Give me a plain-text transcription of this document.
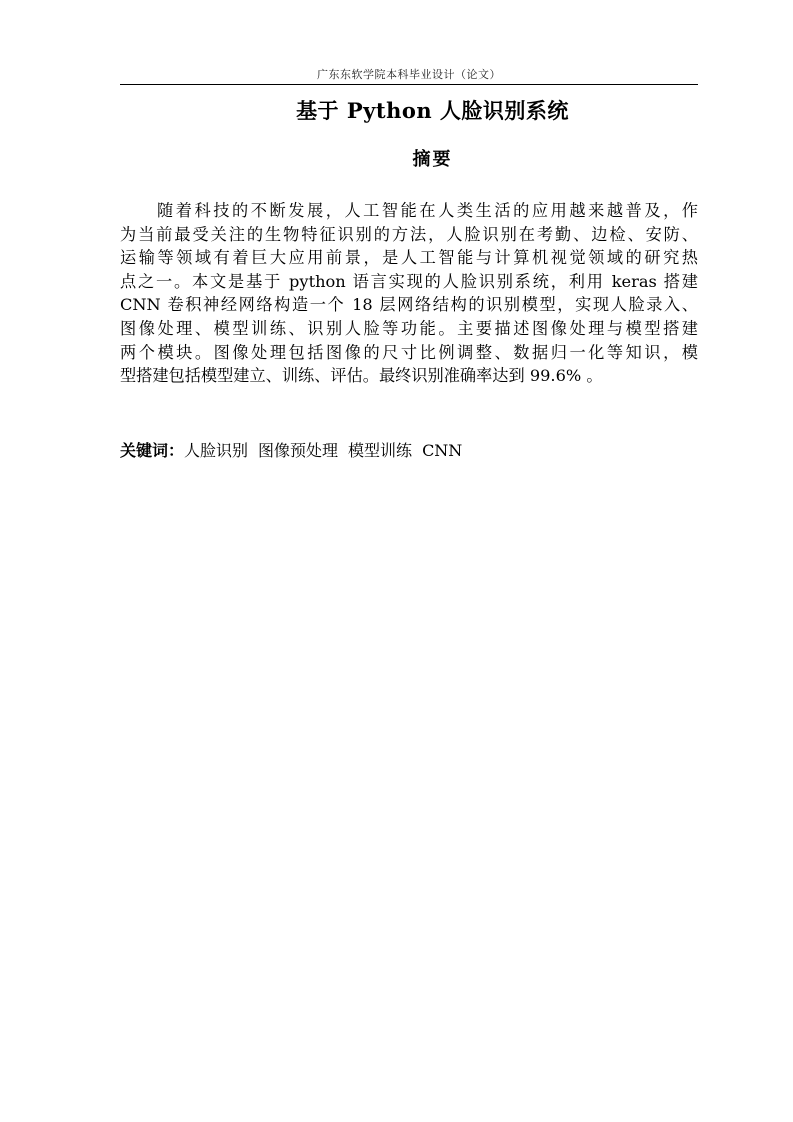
广东东软学院本科毕业设计（论文）
基于 Python 人脸识别系统
摘要
随着科技的不断发展，人工智能在人类生活的应用越来越普及，作
为当前最受关注的生物特征识别的方法，人脸识别在考勤、边检、安防、
运输等领域有着巨大应用前景，是人工智能与计算机视觉领域的研究热
点之一。本文是基于 python 语言实现的人脸识别系统，利用 keras 搭建
CNN 卷积神经网络构造一个 18 层网络结构的识别模型，实现人脸录入、
图像处理、模型训练、识别人脸等功能。主要描述图像处理与模型搭建
两个模块。图像处理包括图像的尺寸比例调整、数据归一化等知识，模
型搭建包括模型建立、训练、评估。最终识别准确率达到 99.6% 。
关键词：人脸识别 图像预处理 模型训练 CNN
